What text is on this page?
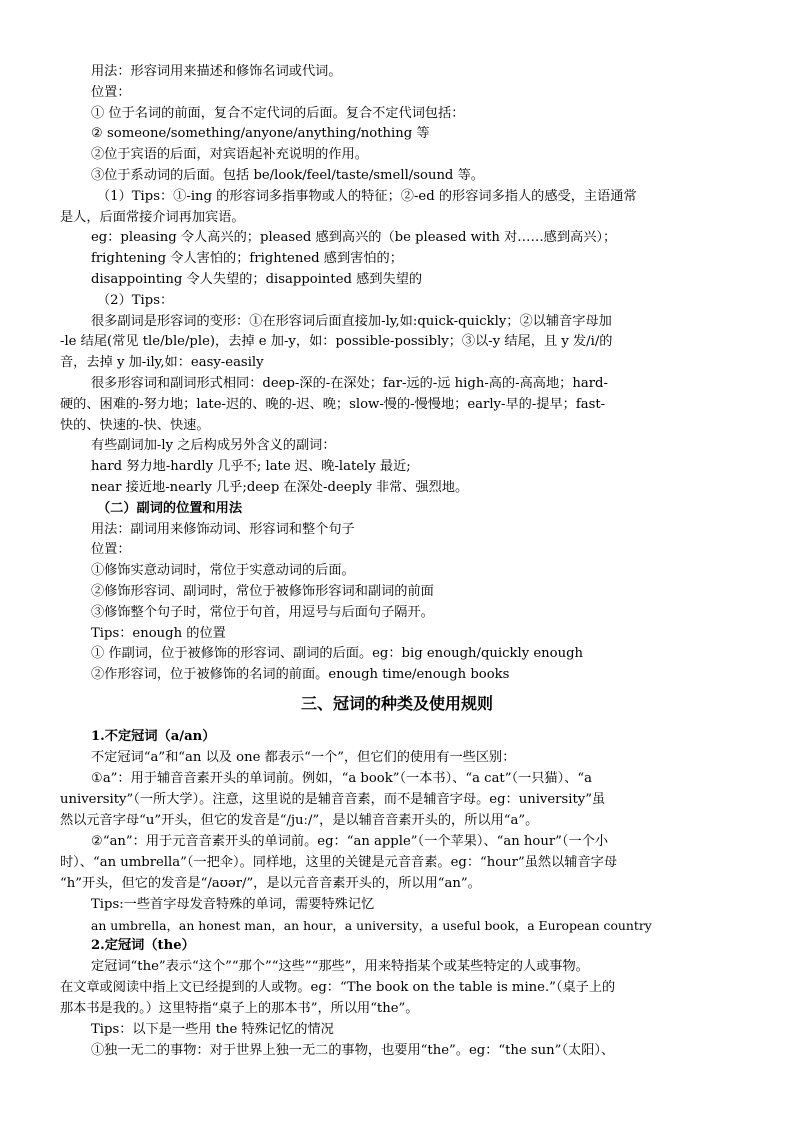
用法：形容词用来描述和修饰名词或代词。
位置：
① 位于名词的前面，复合不定代词的后面。复合不定代词包括：
② someone/something/anyone/anything/nothing 等
②位于宾语的后面，对宾语起补充说明的作用。
③位于系动词的后面。包括 be/look/feel/taste/smell/sound 等。
（1）Tips：①-ing 的形容词多指事物或人的特征；②-ed 的形容词多指人的感受，主语通常
是人，后面常接介词再加宾语。
eg：pleasing 令人高兴的；pleased 感到高兴的（be pleased with 对……感到高兴）；
frightening 令人害怕的；frightened 感到害怕的；
disappointing 令人失望的；disappointed 感到失望的
（2）Tips：
很多副词是形容词的变形：①在形容词后面直接加-ly,如:quick-quickly；②以辅音字母加
-le 结尾(常见 tle/ble/ple)，去掉 e 加-y，如：possible-possibly；③以-y 结尾，且 y 发/i/的
音，去掉 y 加-ily,如：easy-easily
很多形容词和副词形式相同：deep-深的-在深处；far-远的-远 high-高的-高高地；hard-
硬的、困难的-努力地；late-迟的、晚的-迟、晚；slow-慢的-慢慢地；early-早的-提早；fast-
快的、快速的-快、快速。
有些副词加-ly 之后构成另外含义的副词：
hard 努力地-hardly 几乎不; late 迟、晚-lately 最近;
near 接近地-nearly 几乎;deep 在深处-deeply 非常、强烈地。
（二）副词的位置和用法
用法：副词用来修饰动词、形容词和整个句子
位置：
①修饰实意动词时，常位于实意动词的后面。
②修饰形容词、副词时，常位于被修饰形容词和副词的前面
③修饰整个句子时，常位于句首，用逗号与后面句子隔开。
Tips：enough 的位置
① 作副词，位于被修饰的形容词、副词的后面。eg：big enough/quickly enough
②作形容词，位于被修饰的名词的前面。enough time/enough books
三、冠词的种类及使用规则
1.不定冠词（a/an）
不定冠词“a”和“an 以及 one 都表示“一个”，但它们的使用有一些区别：
①a”：用于辅音音素开头的单词前。例如，“a book”（一本书）、“a cat”（一只猫）、“a
university”（一所大学）。注意，这里说的是辅音音素，而不是辅音字母。eg：university”虽
然以元音字母“u”开头，但它的发音是“/juː/”，是以辅音音素开头的，所以用“a”。
②“an”：用于元音音素开头的单词前。eg：“an apple”（一个苹果）、“an hour”（一个小
时）、“an umbrella”（一把伞）。同样地，这里的关键是元音音素。eg：“hour”虽然以辅音字母
“h”开头，但它的发音是“/aʊər/”，是以元音音素开头的，所以用“an”。
Tips:一些首字母发音特殊的单词，需要特殊记忆
an umbrella，an honest man，an hour，a university，a useful book，a European country
2.定冠词（the）
定冠词“the”表示“这个”“那个”“这些”“那些”，用来特指某个或某些特定的人或事物。
在文章或阅读中指上文已经提到的人或物。eg：“The book on the table is mine.”（桌子上的
那本书是我的。）这里特指“桌子上的那本书”，所以用“the”。
Tips：以下是一些用 the 特殊记忆的情况
①独一无二的事物：对于世界上独一无二的事物，也要用“the”。eg：“the sun”（太阳）、
